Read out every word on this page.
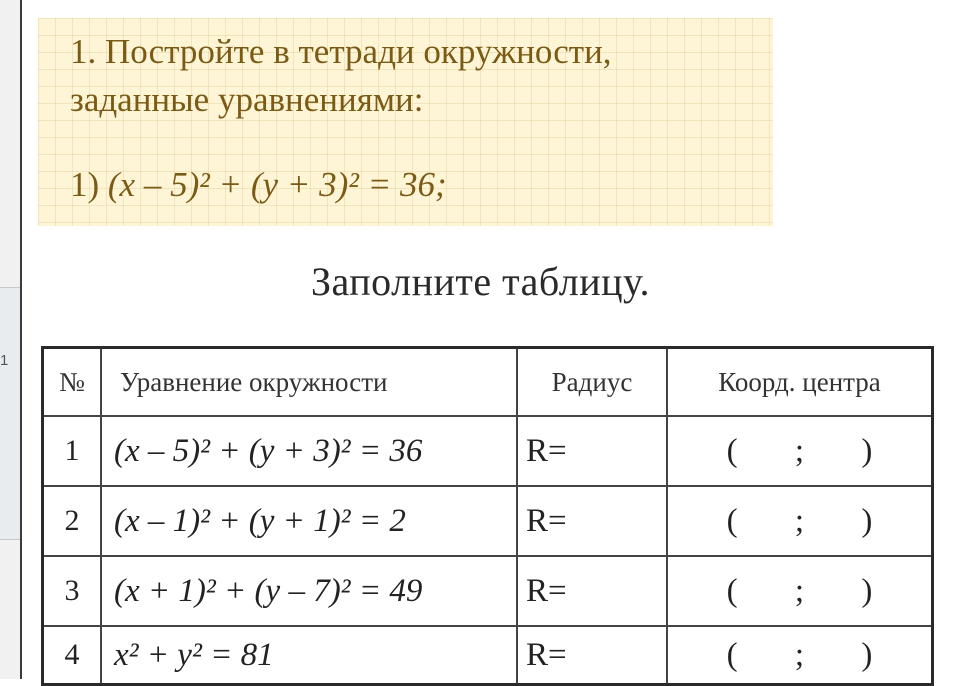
1
1. Постройте в тетради окружности,
заданные уравнениями:
1) (x – 5)² + (y + 3)² = 36;
Заполните таблицу.
№	Уравнение окружности	Радиус	Коорд. центра
1	(x – 5)² + (y + 3)² = 36	R=	( ; )
2	(x – 1)² + (y + 1)² = 2	R=	( ; )
3	(x + 1)² + (y – 7)² = 49	R=	( ; )
4	x² + y² = 81	R=	( ; )
